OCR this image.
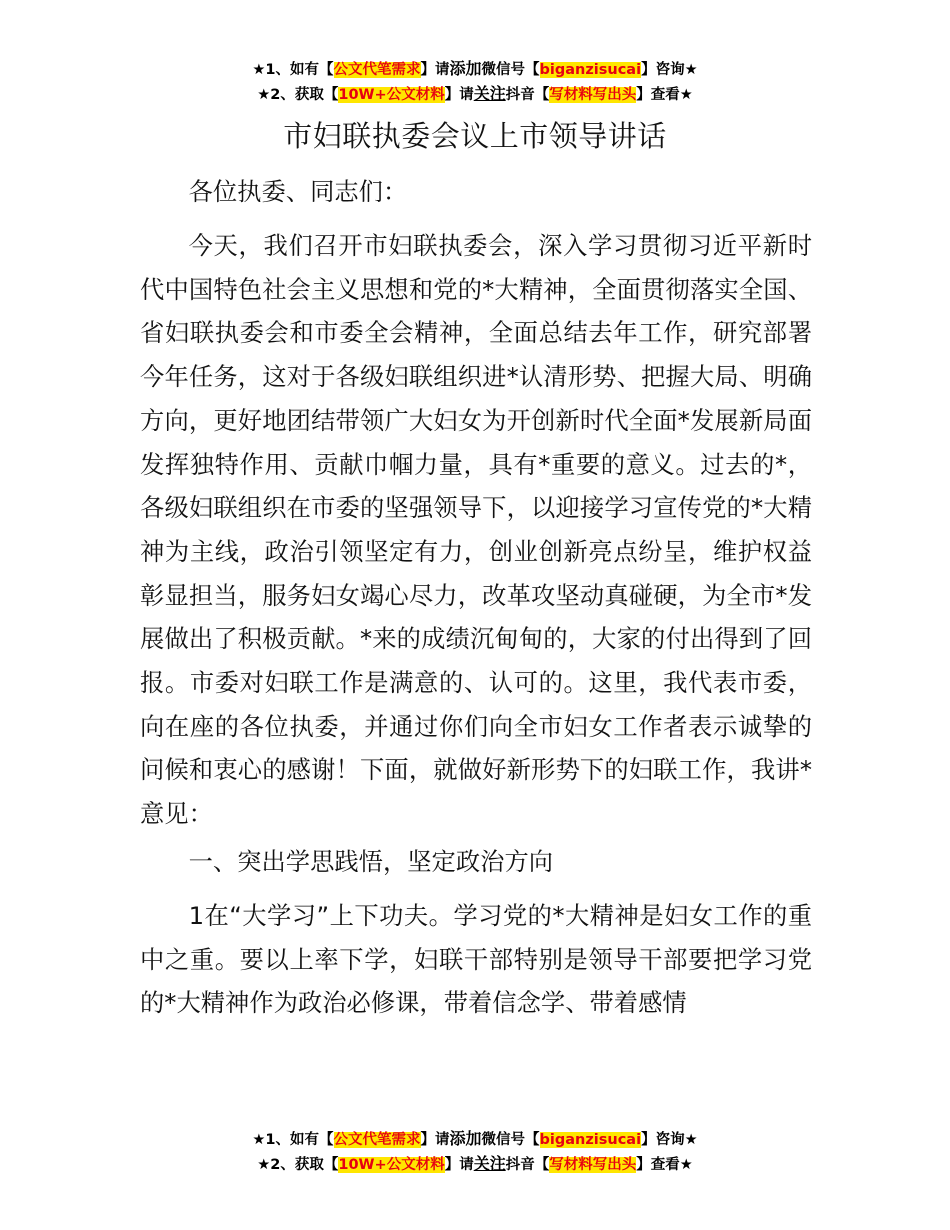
★1、如有【公文代笔需求】请添加微信号【biganzisucai】咨询★
★2、获取【10W+公文材料】请关注抖音【写材料写出头】查看★
市妇联执委会议上市领导讲话

各位执委、同志们：

今天，我们召开市妇联执委会，深入学习贯彻习近平新时代中国特色社会主义思想和党的*大精神，全面贯彻落实全国、省妇联执委会和市委全会精神，全面总结去年工作，研究部署今年任务，这对于各级妇联组织进*认清形势、把握大局、明确方向，更好地团结带领广大妇女为开创新时代全面*发展新局面发挥独特作用、贡献巾帼力量，具有*重要的意义。过去的*，各级妇联组织在市委的坚强领导下，以迎接学习宣传党的*大精神为主线，政治引领坚定有力，创业创新亮点纷呈，维护权益彰显担当，服务妇女竭心尽力，改革攻坚动真碰硬，为全市*发展做出了积极贡献。*来的成绩沉甸甸的，大家的付出得到了回报。市委对妇联工作是满意的、认可的。这里，我代表市委，向在座的各位执委，并通过你们向全市妇女工作者表示诚挚的问候和衷心的感谢！下面，就做好新形势下的妇联工作，我讲*意见：

一、突出学思践悟，坚定政治方向

1在“大学习”上下功夫。学习党的*大精神是妇女工作的重中之重。要以上率下学，妇联干部特别是领导干部要把学习党的*大精神作为政治必修课，带着信念学、带着感情

★1、如有【公文代笔需求】请添加微信号【biganzisucai】咨询★
★2、获取【10W+公文材料】请关注抖音【写材料写出头】查看★
